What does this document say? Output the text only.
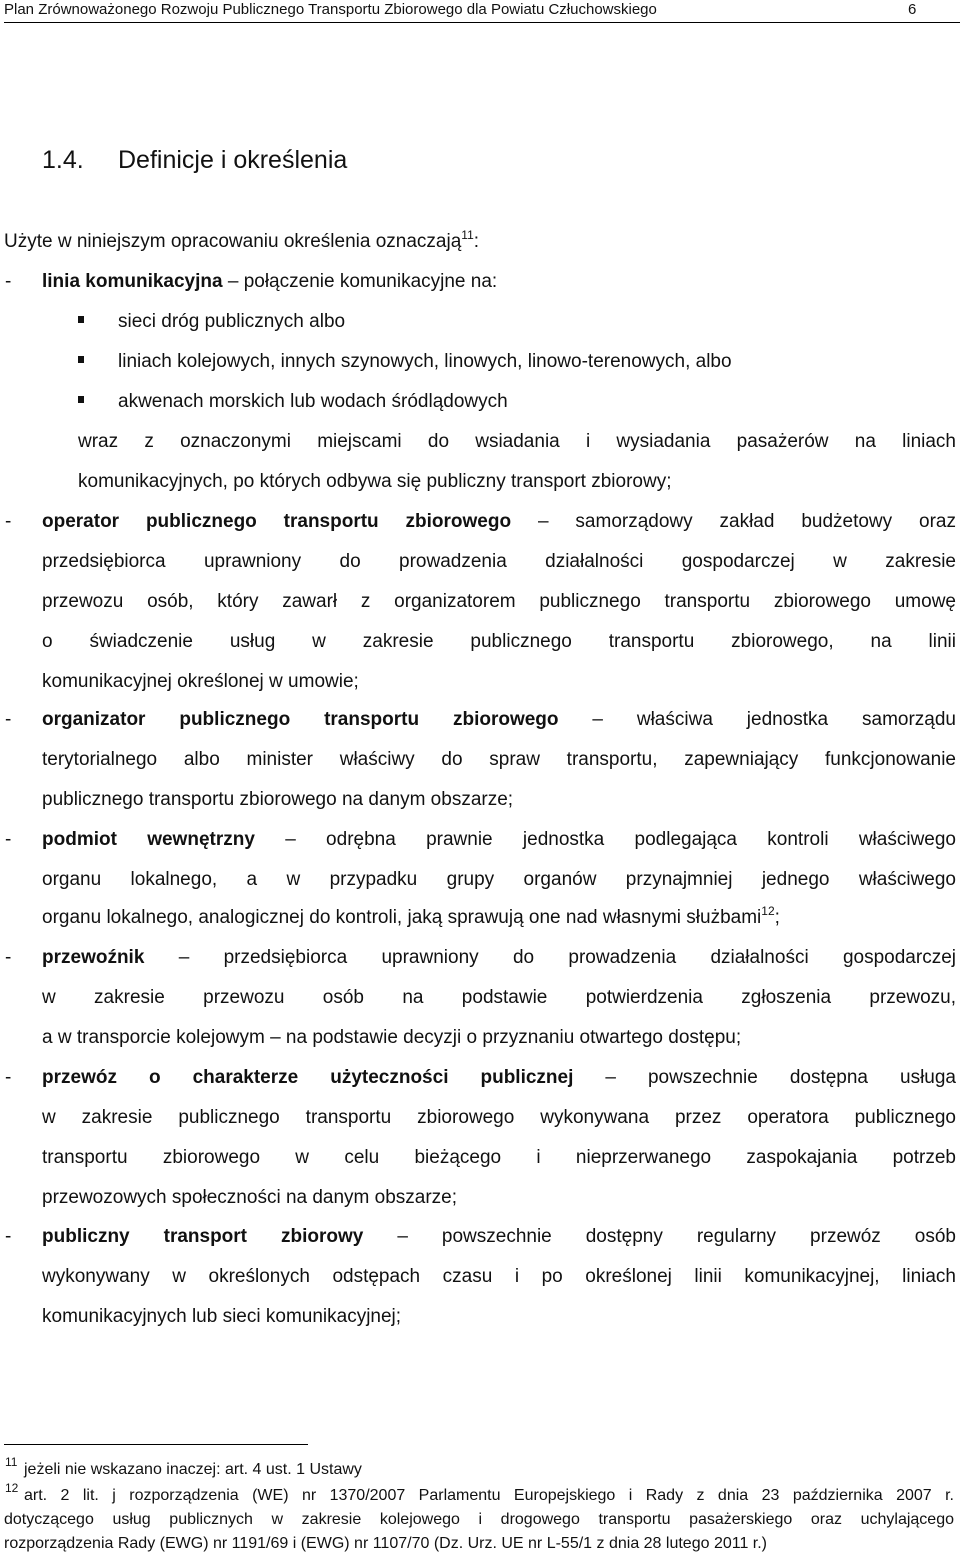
Plan Zrównoważonego Rozwoju Publicznego Transportu Zbiorowego dla Powiatu Człuchowskiego	6
1.4. Definicje i określenia
Użyte w niniejszym opracowaniu określenia oznaczają$^{11}$:
- linia komunikacyjna – połączenie komunikacyjne na:
sieci dróg publicznych albo
liniach kolejowych, innych szynowych, linowych, linowo-terenowych, albo
akwenach morskich lub wodach śródlądowych
wraz z oznaczonymi miejscami do wsiadania i wysiadania pasażerów na liniach
komunikacyjnych, po których odbywa się publiczny transport zbiorowy;
- operator publicznego transportu zbiorowego – samorządowy zakład budżetowy oraz
przedsiębiorca uprawniony do prowadzenia działalności gospodarczej w zakresie
przewozu osób, który zawarł z organizatorem publicznego transportu zbiorowego umowę
o świadczenie usług w zakresie publicznego transportu zbiorowego, na linii
komunikacyjnej określonej w umowie;
- organizator publicznego transportu zbiorowego – właściwa jednostka samorządu
terytorialnego albo minister właściwy do spraw transportu, zapewniający funkcjonowanie
publicznego transportu zbiorowego na danym obszarze;
- podmiot wewnętrzny – odrębna prawnie jednostka podlegająca kontroli właściwego
organu lokalnego, a w przypadku grupy organów przynajmniej jednego właściwego
organu lokalnego, analogicznej do kontroli, jaką sprawują one nad własnymi służbami$^{12}$;
- przewoźnik – przedsiębiorca uprawniony do prowadzenia działalności gospodarczej
w zakresie przewozu osób na podstawie potwierdzenia zgłoszenia przewozu,
a w transporcie kolejowym – na podstawie decyzji o przyznaniu otwartego dostępu;
- przewóz o charakterze użyteczności publicznej – powszechnie dostępna usługa
w zakresie publicznego transportu zbiorowego wykonywana przez operatora publicznego
transportu zbiorowego w celu bieżącego i nieprzerwanego zaspokajania potrzeb
przewozowych społeczności na danym obszarze;
- publiczny transport zbiorowy – powszechnie dostępny regularny przewóz osób
wykonywany w określonych odstępach czasu i po określonej linii komunikacyjnej, liniach
komunikacyjnych lub sieci komunikacyjnej;
11 jeżeli nie wskazano inaczej: art. 4 ust. 1 Ustawy
12 art. 2 lit. j rozporządzenia (WE) nr 1370/2007 Parlamentu Europejskiego i Rady z dnia 23 października 2007 r.
dotyczącego usług publicznych w zakresie kolejowego i drogowego transportu pasażerskiego oraz uchylającego
rozporządzenia Rady (EWG) nr 1191/69 i (EWG) nr 1107/70 (Dz. Urz. UE nr L-55/1 z dnia 28 lutego 2011 r.)
